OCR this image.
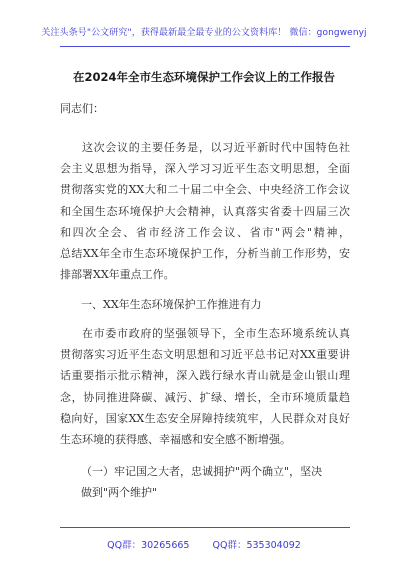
关注头条号"公文研究"，获得最新最全最专业的公文资料库！ 微信：gongwenyj
在2024年全市生态环境保护工作会议上的工作报告
同志们：
这次会议的主要任务是，以习近平新时代中国特色社
会主义思想为指导，深入学习习近平生态文明思想，全面
贯彻落实党的XX大和二十届二中全会、中央经济工作会议
和全国生态环境保护大会精神，认真落实省委十四届三次
和四次全会、省市经济工作会议、省市"两会"精神，
总结XX年全市生态环境保护工作，分析当前工作形势，安
排部署XX年重点工作。
一、XX年生态环境保护工作推进有力
在市委市政府的坚强领导下，全市生态环境系统认真
贯彻落实习近平生态文明思想和习近平总书记对XX重要讲
话重要指示批示精神，深入践行绿水青山就是金山银山理
念，协同推进降碳、减污、扩绿、增长，全市环境质量趋
稳向好，国家XX生态安全屏障持续筑牢，人民群众对良好
生态环境的获得感、幸福感和安全感不断增强。
（一）牢记国之大者，忠诚拥护"两个确立"，坚决
做到"两个维护"
QQ群：30265665 QQ群：535304092
